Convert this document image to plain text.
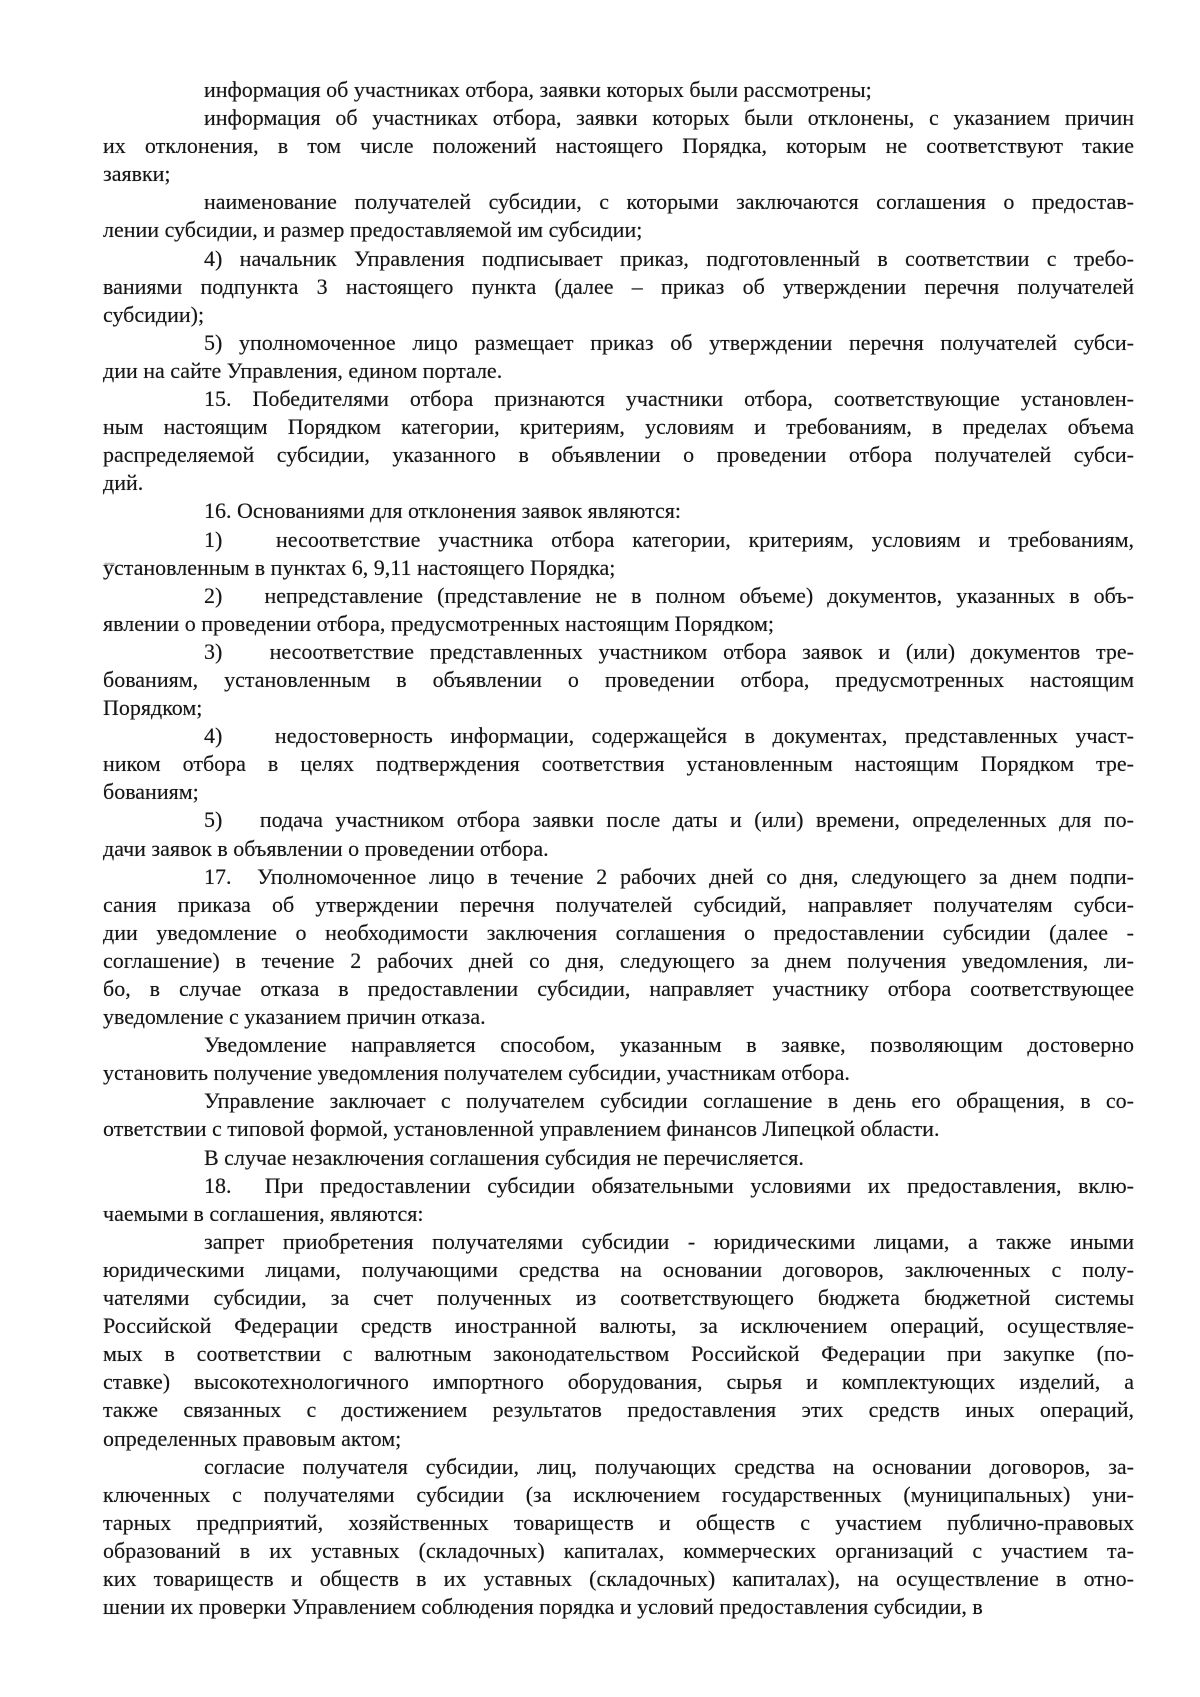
информация об участниках отбора, заявки которых были рассмотрены;
информация об участниках отбора, заявки которых были отклонены, с указанием причин
их отклонения, в том числе положений настоящего Порядка, которым не соответствуют такие
заявки;
наименование получателей субсидии, с которыми заключаются соглашения о предостав-
лении субсидии, и размер предоставляемой им субсидии;
4) начальник Управления подписывает приказ, подготовленный в соответствии с требо-
ваниями подпункта 3 настоящего пункта (далее – приказ об утверждении перечня получателей
субсидии);
5) уполномоченное лицо размещает приказ об утверждении перечня получателей субси-
дии на сайте Управления, едином портале.
15. Победителями отбора признаются участники отбора, соответствующие установлен-
ным настоящим Порядком категории, критериям, условиям и требованиям, в пределах объема
распределяемой субсидии, указанного в объявлении о проведении отбора получателей субси-
дий.
16. Основаниями для отклонения заявок являются:
1)   несоответствие участника отбора категории, критериям, условиям и требованиям,
установленным в пунктах 6, 9,11 настоящего Порядка;
2)   непредставление (представление не в полном объеме) документов, указанных в объ-
явлении о проведении отбора, предусмотренных настоящим Порядком;
3)   несоответствие представленных участником отбора заявок и (или) документов тре-
бованиям, установленным в объявлении о проведении отбора, предусмотренных настоящим
Порядком;
4)   недостоверность информации, содержащейся в документах, представленных участ-
ником отбора в целях подтверждения соответствия установленным настоящим Порядком тре-
бованиям;
5)   подача участником отбора заявки после даты и (или) времени, определенных для по-
дачи заявок в объявлении о проведении отбора.
17.  Уполномоченное лицо в течение 2 рабочих дней со дня, следующего за днем подпи-
сания приказа об утверждении перечня получателей субсидий, направляет получателям субси-
дии уведомление о необходимости заключения соглашения о предоставлении субсидии (далее -
соглашение) в течение 2 рабочих дней со дня, следующего за днем получения уведомления, ли-
бо, в случае отказа в предоставлении субсидии, направляет участнику отбора соответствующее
уведомление с указанием причин отказа.
Уведомление направляется способом, указанным в заявке, позволяющим достоверно
установить получение уведомления получателем субсидии, участникам отбора.
Управление заключает с получателем субсидии соглашение в день его обращения, в со-
ответствии с типовой формой, установленной управлением финансов Липецкой области.
В случае незаключения соглашения субсидия не перечисляется.
18.  При предоставлении субсидии обязательными условиями их предоставления, вклю-
чаемыми в соглашения, являются:
запрет приобретения получателями субсидии - юридическими лицами, а также иными
юридическими лицами, получающими средства на основании договоров, заключенных с полу-
чателями субсидии, за счет полученных из соответствующего бюджета бюджетной системы
Российской Федерации средств иностранной валюты, за исключением операций, осуществляе-
мых в соответствии с валютным законодательством Российской Федерации при закупке (по-
ставке) высокотехнологичного импортного оборудования, сырья и комплектующих изделий, а
также связанных с достижением результатов предоставления этих средств иных операций,
определенных правовым актом;
согласие получателя субсидии, лиц, получающих средства на основании договоров, за-
ключенных с получателями субсидии (за исключением государственных (муниципальных) уни-
тарных предприятий, хозяйственных товариществ и обществ с участием публично-правовых
образований в их уставных (складочных) капиталах, коммерческих организаций с участием та-
ких товариществ и обществ в их уставных (складочных) капиталах), на осуществление в отно-
шении их проверки Управлением соблюдения порядка и условий предоставления субсидии, в
